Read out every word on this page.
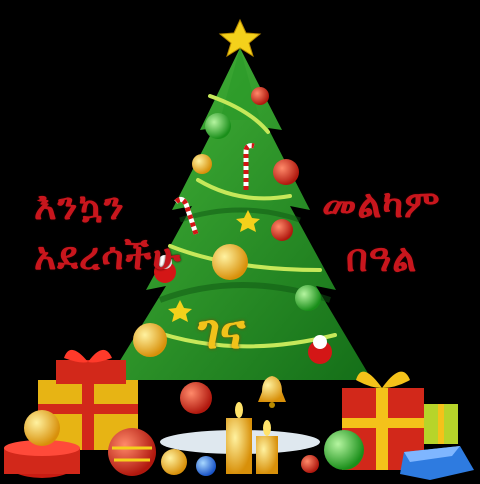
እንኳን
አደረሳችሁ
መልካም
በዓል
ገና
